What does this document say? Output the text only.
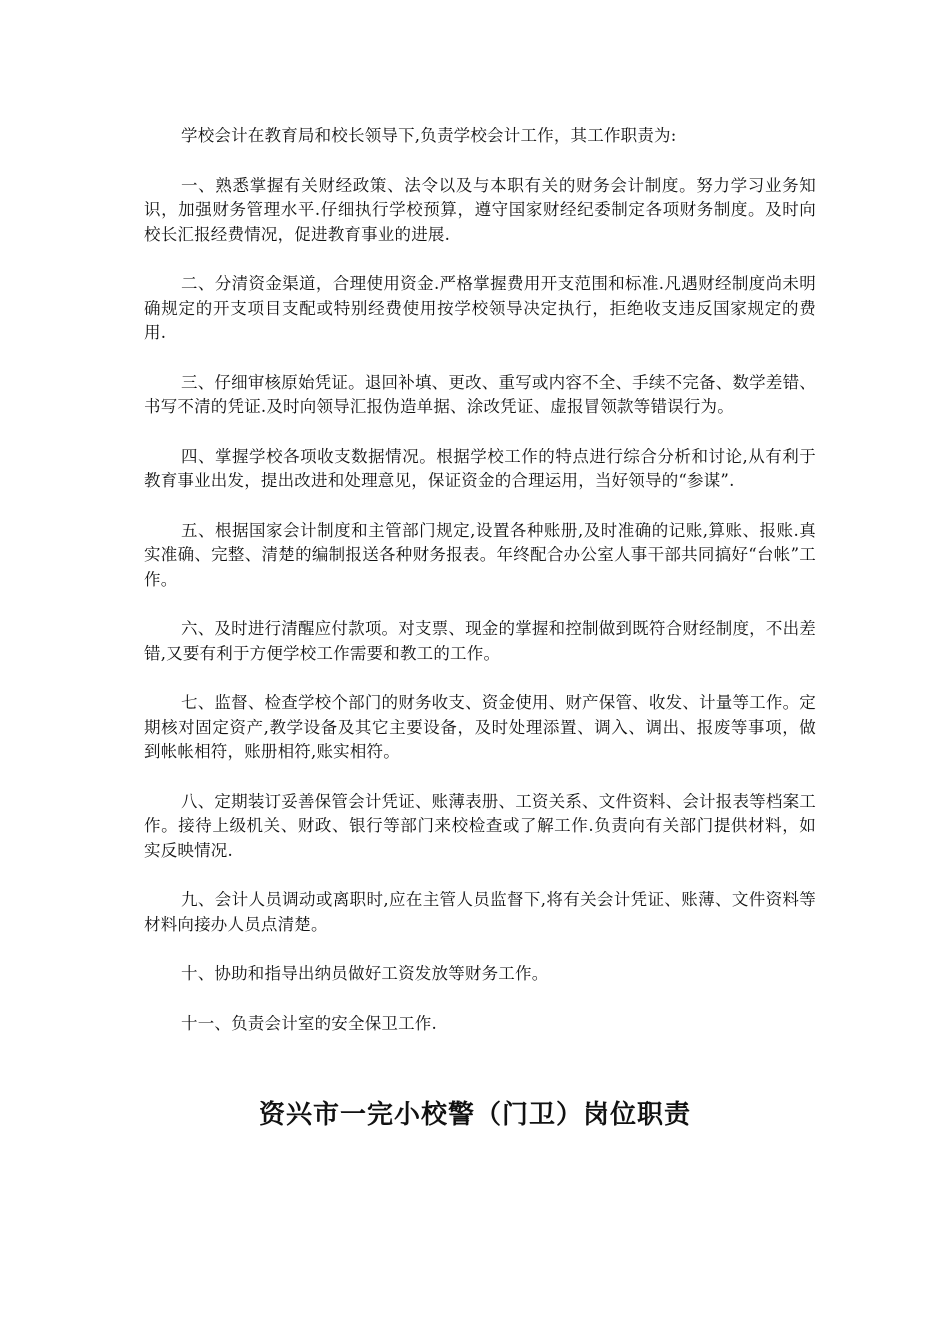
学校会计在教育局和校长领导下,负责学校会计工作，其工作职责为:

一、熟悉掌握有关财经政策、法令以及与本职有关的财务会计制度。努力学习业务知识，加强财务管理水平.仔细执行学校预算，遵守国家财经纪委制定各项财务制度。及时向校长汇报经费情况，促进教育事业的进展.

二、分清资金渠道，合理使用资金.严格掌握费用开支范围和标准.凡遇财经制度尚未明确规定的开支项目支配或特别经费使用按学校领导决定执行，拒绝收支违反国家规定的费用.

三、仔细审核原始凭证。退回补填、更改、重写或内容不全、手续不完备、数学差错、书写不清的凭证.及时向领导汇报伪造单据、涂改凭证、虚报冒领款等错误行为。

四、掌握学校各项收支数据情况。根据学校工作的特点进行综合分析和讨论,从有利于教育事业出发，提出改进和处理意见，保证资金的合理运用，当好领导的“参谋”.

五、根据国家会计制度和主管部门规定,设置各种账册,及时准确的记账,算账、报账.真实准确、完整、清楚的编制报送各种财务报表。年终配合办公室人事干部共同搞好“台帐”工作。

六、及时进行清醒应付款项。对支票、现金的掌握和控制做到既符合财经制度，不出差错,又要有利于方便学校工作需要和教工的工作。

七、监督、检查学校个部门的财务收支、资金使用、财产保管、收发、计量等工作。定期核对固定资产,教学设备及其它主要设备，及时处理添置、调入、调出、报废等事项，做到帐帐相符，账册相符,账实相符。

八、定期装订妥善保管会计凭证、账薄表册、工资关系、文件资料、会计报表等档案工作。接待上级机关、财政、银行等部门来校检查或了解工作.负责向有关部门提供材料，如实反映情况.

九、会计人员调动或离职时,应在主管人员监督下,将有关会计凭证、账薄、文件资料等材料向接办人员点清楚。

十、协助和指导出纳员做好工资发放等财务工作。

十一、负责会计室的安全保卫工作.

资兴市一完小校警（门卫）岗位职责
